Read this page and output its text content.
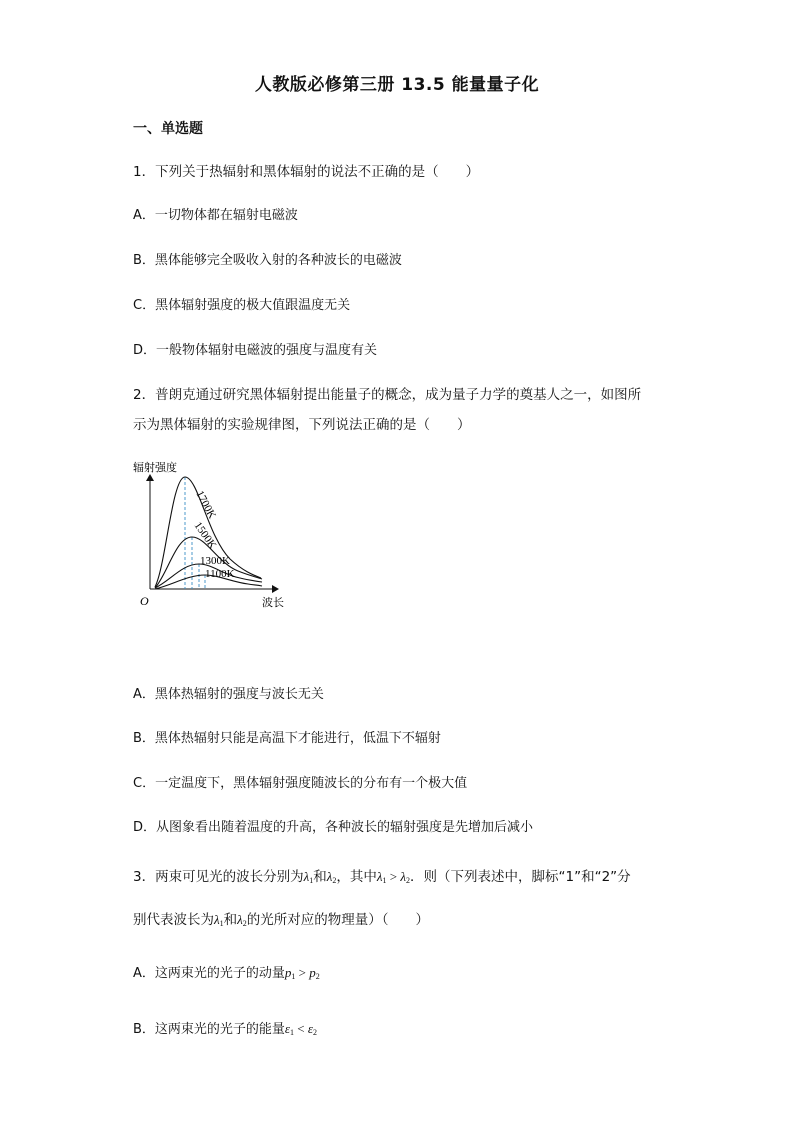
人教版必修第三册 13.5 能量量子化
一、单选题
1．下列关于热辐射和黑体辐射的说法不正确的是（　　）
A．一切物体都在辐射电磁波
B．黑体能够完全吸收入射的各种波长的电磁波
C．黑体辐射强度的极大值跟温度无关
D．一般物体辐射电磁波的强度与温度有关
2．普朗克通过研究黑体辐射提出能量子的概念，成为量子力学的奠基人之一，如图所
示为黑体辐射的实验规律图，下列说法正确的是（　　）
辐射强度
O	波长
1700K
1500K
1300K
1100K
A．黑体热辐射的强度与波长无关
B．黑体热辐射只能是高温下才能进行，低温下不辐射
C．一定温度下，黑体辐射强度随波长的分布有一个极大值
D．从图象看出随着温度的升高，各种波长的辐射强度是先增加后减小
3．两束可见光的波长分别为$\lambda_1$和$\lambda_2$，其中$\lambda_1 > \lambda_2$．则（下列表述中，脚标“1”和“2”分
别代表波长为$\lambda_1$和$\lambda_2$的光所对应的物理量）（　　）
A．这两束光的光子的动量$p_1 > p_2$
B．这两束光的光子的能量$\varepsilon_1 < \varepsilon_2$
